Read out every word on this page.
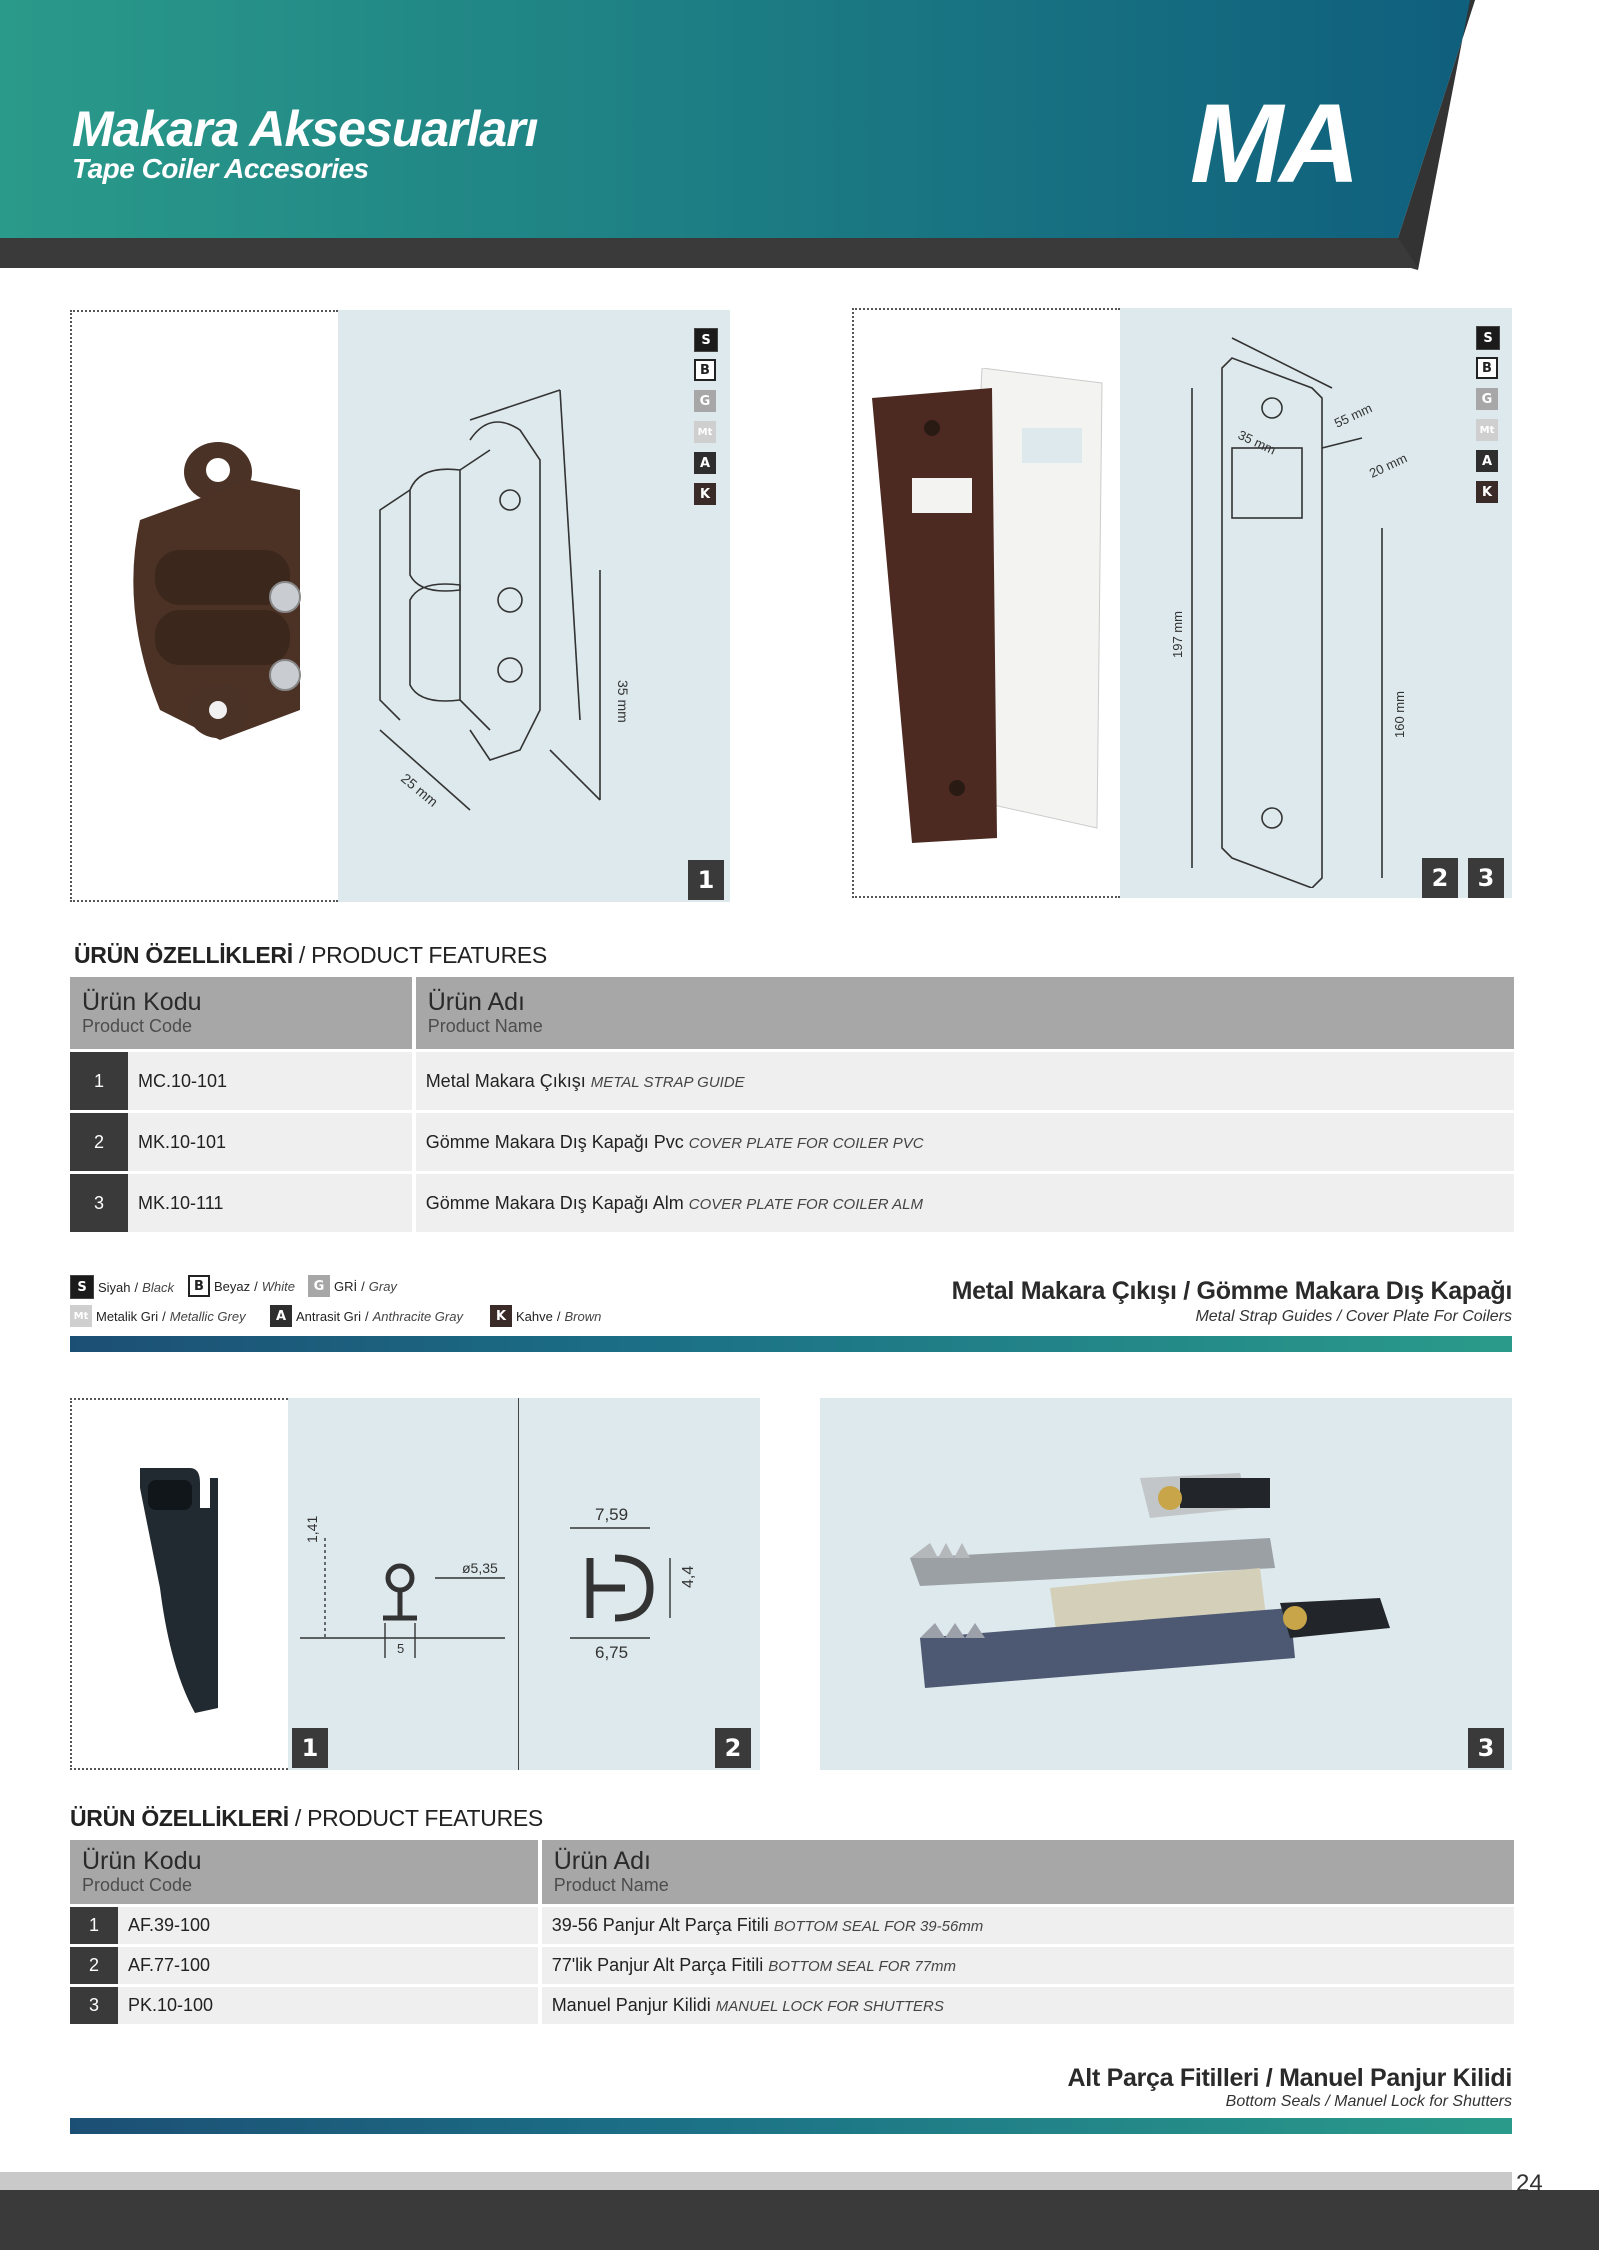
Makara Aksesuarları
Tape Coiler Accesories	MA
35 mm
25 mm
1
S
B
G
Mt
A
K
55 mm
35 mm
20 mm
197 mm
160 mm
2	3
S
B
G
Mt
A
K
ÜRÜN ÖZELLİKLERİ / PRODUCT FEATURES
Ürün Kodu
Product Code		Ürün Adı
Product Name

1	MC.10-101	Metal Makara Çıkışı METAL STRAP GUIDE
2	MK.10-101	Gömme Makara Dış Kapağı Pvc COVER PLATE FOR COILER PVC
3	MK.10-111	Gömme Makara Dış Kapağı Alm COVER PLATE FOR COILER ALM
S Siyah / Black	B Beyaz / White	G GRİ / Gray
Mt Metalik Gri / Metallic Grey	A Antrasit Gri / Anthracite Gray	K Kahve / Brown
Metal Makara Çıkışı / Gömme Makara Dış Kapağı
Metal Strap Guides / Cover Plate For Coilers
1,41
ø5,35
5
7,59
4,4
6,75
1	2	3
ÜRÜN ÖZELLİKLERİ / PRODUCT FEATURES
Ürün Kodu
Product Code		Ürün Adı
Product Name

1	AF.39-100	39-56 Panjur Alt Parça Fitili BOTTOM SEAL FOR 39-56mm
2	AF.77-100	77'lik Panjur Alt Parça Fitili BOTTOM SEAL FOR 77mm
3	PK.10-100	Manuel Panjur Kilidi MANUEL LOCK FOR SHUTTERS
Alt Parça Fitilleri / Manuel Panjur Kilidi
Bottom Seals / Manuel Lock for Shutters
24
